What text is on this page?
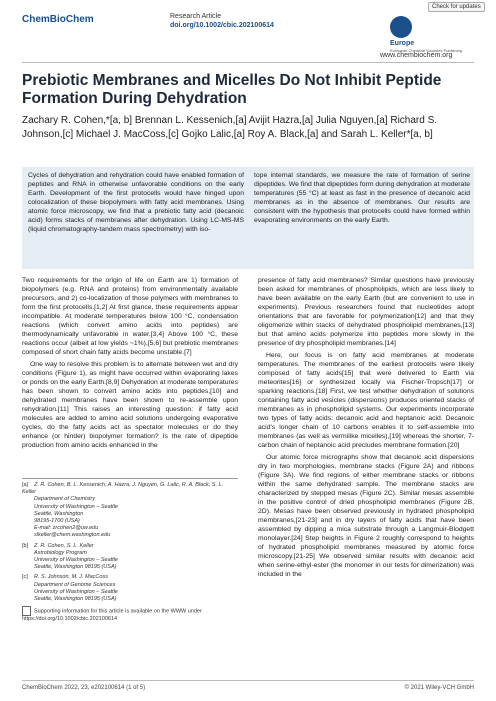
ChemBioChem	Research Article
doi.org/10.1002/cbic.202100614
Check for updates
Europe
European Chemical Societies Publishing
www.chembiochem.org
Prebiotic Membranes and Micelles Do Not Inhibit Peptide Formation During Dehydration
Zachary R. Cohen,*[a, b] Brennan L. Kessenich,[a] Avijit Hazra,[a] Julia Nguyen,[a] Richard S. Johnson,[c] Michael J. MacCoss,[c] Gojko Lalic,[a] Roy A. Black,[a] and Sarah L. Keller*[a, b]
Cycles of dehydration and rehydration could have enabled formation of peptides and RNA in otherwise unfavorable conditions on the early Earth. Development of the first protocells would have hinged upon colocalization of these biopolymers with fatty acid membranes. Using atomic force microscopy, we find that a prebiotic fatty acid (decanoic acid) forms stacks of membranes after dehydration. Using LC-MS-MS (liquid chromatography-tandem mass spectrometry) with iso-
tope internal standards, we measure the rate of formation of serine dipeptides. We find that dipeptides form during dehydration at moderate temperatures (55 °C) at least as fast in the presence of decanoic acid membranes as in the absence of membranes. Our results are consistent with the hypothesis that protocells could have formed within evaporating environments on the early Earth.

Two requirements for the origin of life on Earth are 1) formation of biopolymers (e.g. RNA and proteins) from environmentally available precursors, and 2) co-localization of those polymers with membranes to form the first protocells.[1,2] At first glance, these requirements appear incompatible. At moderate temperatures below 100 °C, condensation reactions (which convert amino acids into peptides) are thermodynamically unfavorable in water.[3,4] Above 100 °C, these reactions occur (albeit at low yields ~1%),[5,6] but prebiotic membranes composed of short chain fatty acids become unstable.[7]

One way to resolve this problem is to alternate between wet and dry conditions (Figure 1), as might have occurred within evaporating lakes or ponds on the early Earth.[8,9] Dehydration at moderate temperatures has been shown to convert amino acids into peptides,[10] and dehydrated membranes have been shown to re-assemble upon rehydration.[11] This raises an interesting question: if fatty acid molecules are added to amino acid solutions undergoing evaporative cycles, do the fatty acids act as spectator molecules or do they enhance (or hinder) biopolymer formation? Is the rate of dipeptide production from amino acids enhanced in the

presence of fatty acid membranes? Similar questions have previously been asked for membranes of phospholipids, which are less likely to have been available on the early Earth (but are convenient to use in experiments). Previous researchers found that nucleotides adopt orientations that are favorable for polymerization[12] and that they oligomerize within stacks of dehydrated phospholipid membranes,[13] but that amino acids polymerize into peptides more slowly in the presence of dry phospholipid membranes.[14]

Here, our focus is on fatty acid membranes at moderate temperatures. The membranes of the earliest protocells were likely composed of fatty acids[15] that were delivered to Earth via meteorites[16] or synthesized locally via Fischer-Tropsch[17] or sparking reactions.[18] First, we test whether dehydration of solutions containing fatty acid vesicles (dispersions) produces oriented stacks of membranes as in phospholipid systems. Our experiments incorporate two types of fatty acids: decanoic acid and heptanoic acid. Decanoic acid's longer chain of 10 carbons enables it to self-assemble into membranes (as well as vermilike micelles),[19] whereas the shorter, 7-carbon chain of heptanoic acid precludes membrane formation.[20]

Our atomic force micrographs show that decanoic acid dispersions dry in two morphologies, membrane stacks (Figure 2A) and ribbons (Figure 3A). We find regions of either membrane stacks or ribbons within the same dehydrated sample. The membrane stacks are characterized by stepped mesas (Figure 2C). Similar mesas assemble in the positive control of dried phospholipid membranes (Figure 2B, 2D). Mesas have been observed previously in hydrated phospholipid membranes,[21-23] and in dry layers of fatty acids that have been assembled by dipping a mica substrate through a Langmuir-Blodgett monolayer.[24] Step heights in Figure 2 roughly correspond to heights of hydrated phospholipid membranes measured by atomic force microscopy.[21-25] We observed similar results with decanoic acid when serine-ethyl-ester (the monomer in our tests for dimerization) was included in the

[a] Z. R. Cohen, B. L. Kessenich, A. Hazra, J. Nguyen, G. Lalic, R. A. Black, S. L. Keller
Department of Chemistry
University of Washington – Seattle
Seattle, Washington
98195-1700 (USA)
E-mail: zrcohen2@uw.edu
slkeller@chem.washington.edu
[b] Z. R. Cohen, S. L. Keller
Astrobiology Program
University of Washington – Seattle
Seattle, Washington 98195 (USA)
[c] R. S. Johnson, M. J. MacCoss
Department of Genome Sciences
University of Washington – Seattle
Seattle, Washington 98195 (USA)
Supporting information for this article is available on the WWW under https://doi.org/10.1002/cbic.202100614
ChemBioChem 2022, 23, e202100614 (1 of 5)	© 2021 Wiley-VCH GmbH
